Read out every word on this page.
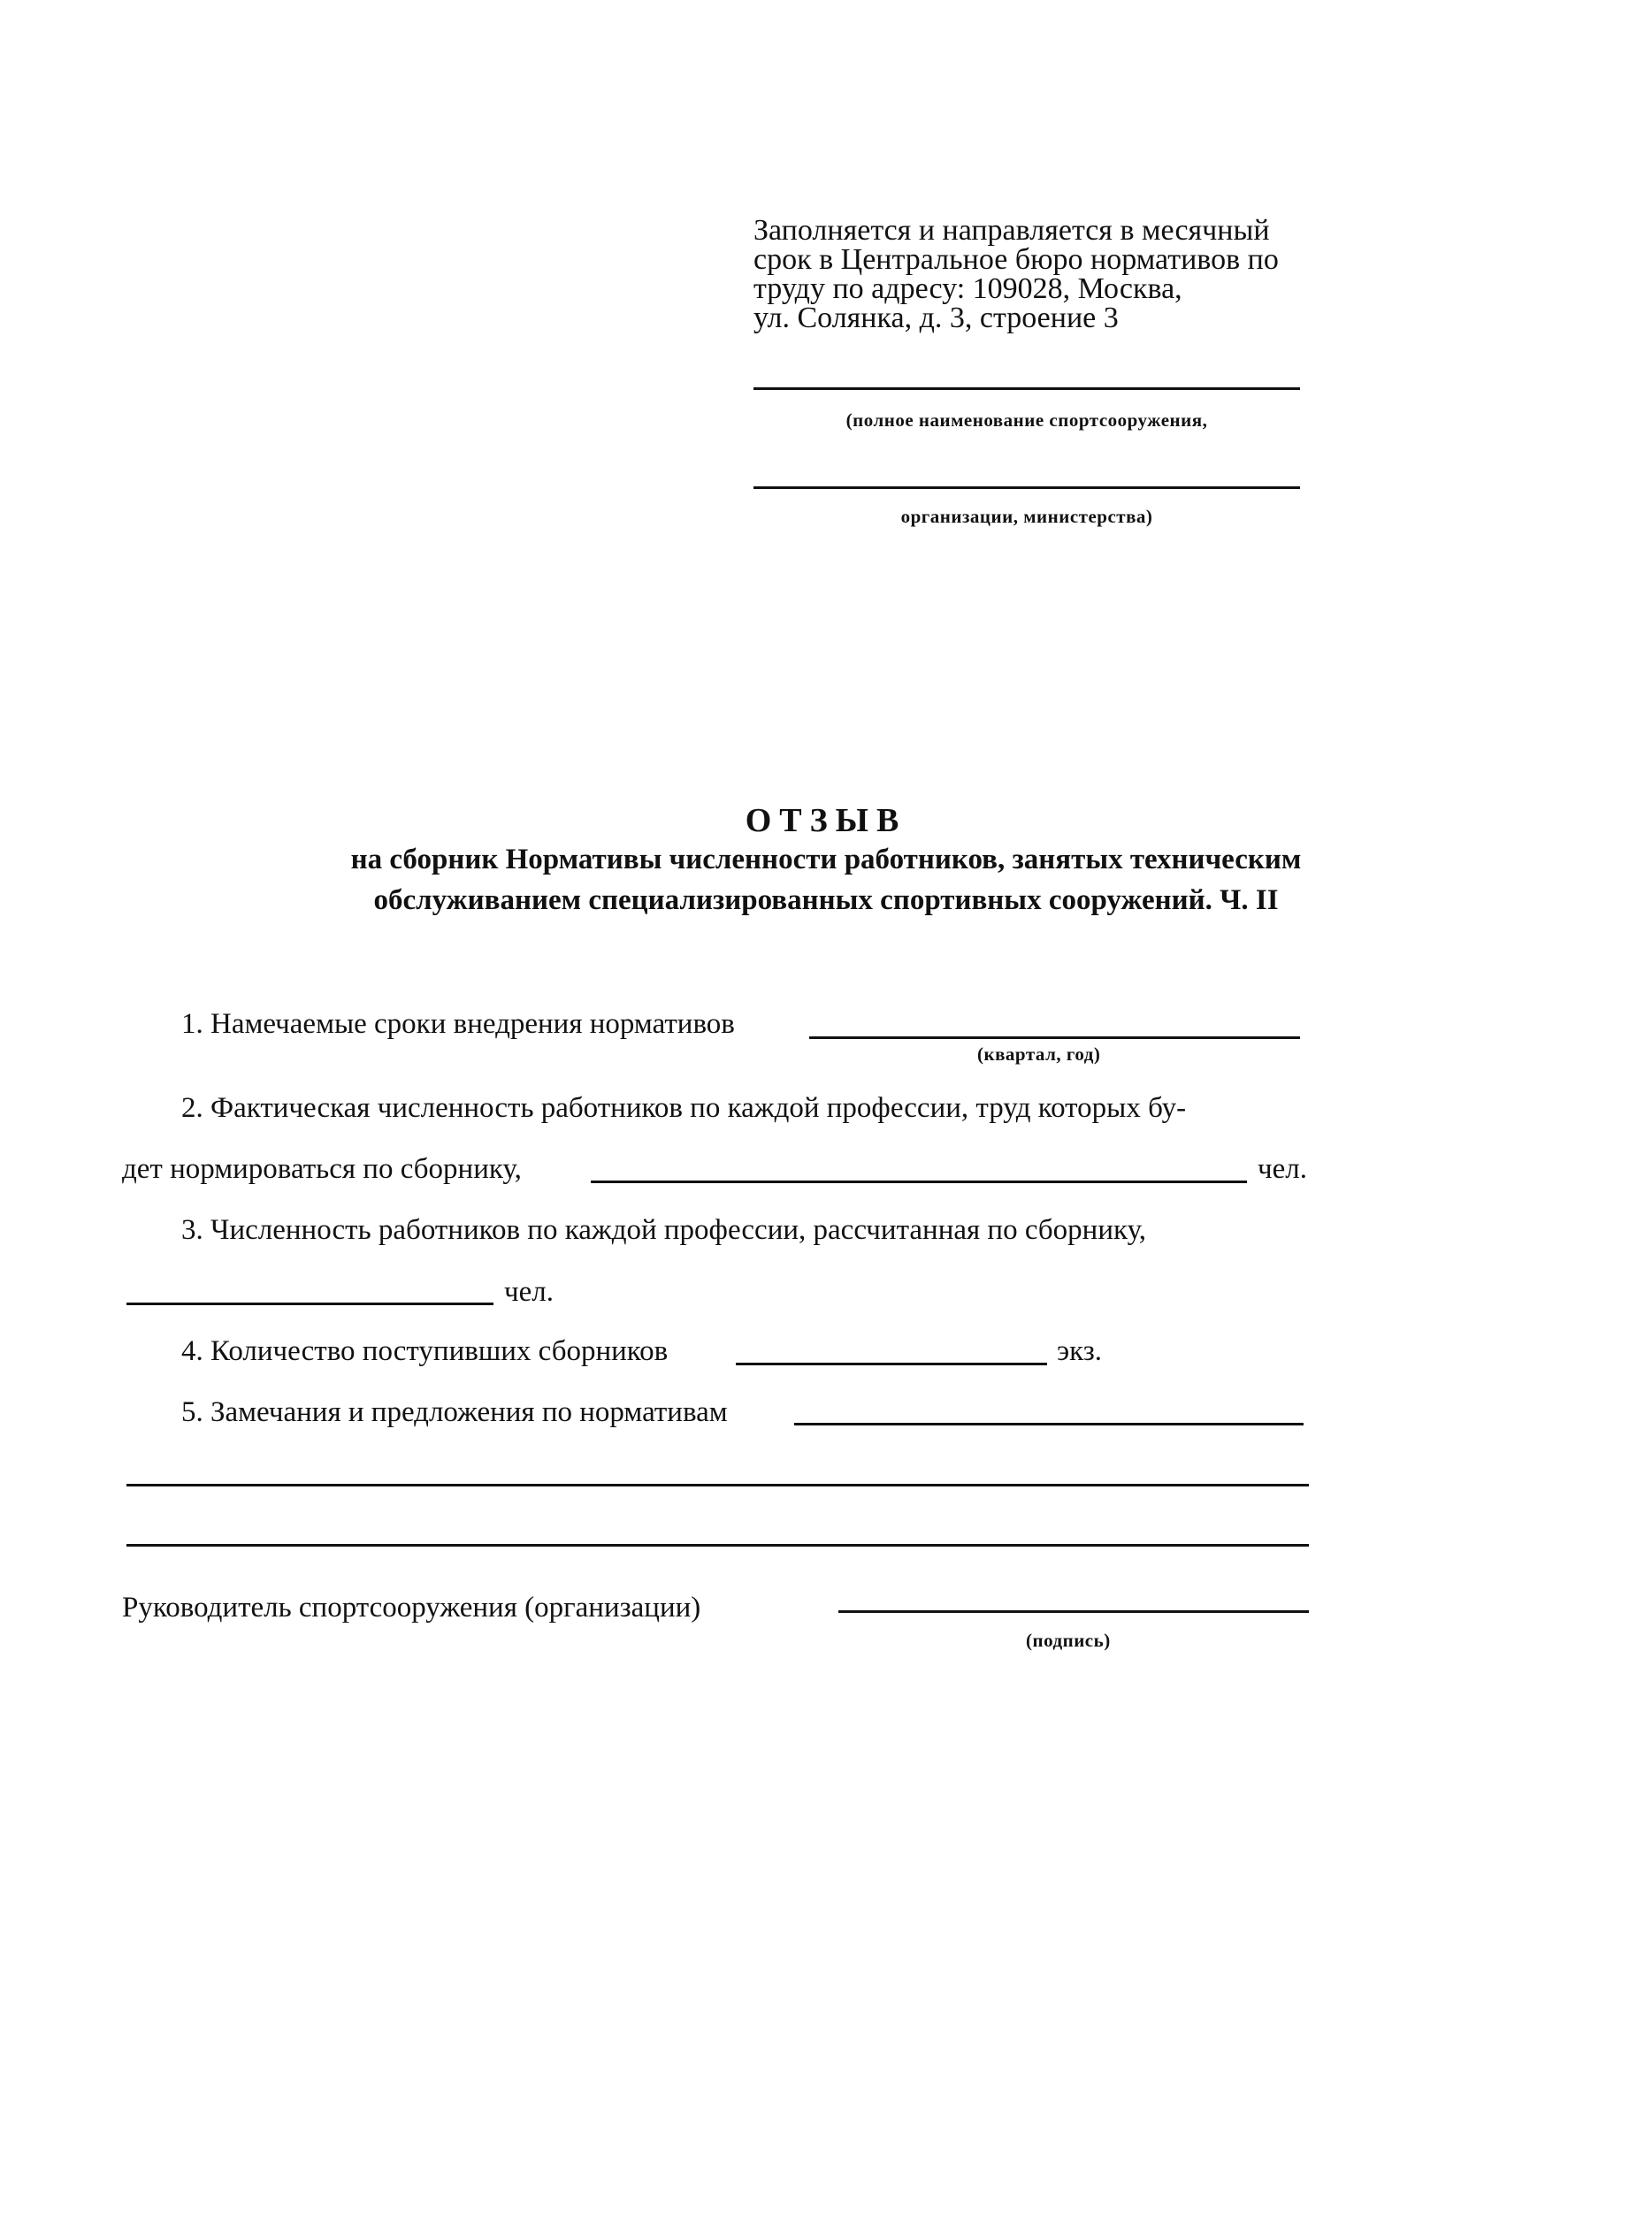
Заполняется и направляется в месячный
срок в Центральное бюро нормативов по
труду по адресу: 109028, Москва,
ул. Солянка, д. 3, строение 3
(полное наименование спортсооружения,
организации, министерства)
ОТЗЫВ
на сборник Нормативы численности работников, занятых техническим
обслуживанием специализированных спортивных сооружений. Ч. II
1. Намечаемые сроки внедрения нормативов
(квартал, год)
2. Фактическая численность работников по каждой профессии, труд которых бу-
дет нормироваться по сборнику,	чел.
3. Численность работников по каждой профессии, рассчитанная по сборнику,
чел.
4. Количество поступивших сборников	экз.
5. Замечания и предложения по нормативам
Руководитель спортсооружения (организации)
(подпись)
